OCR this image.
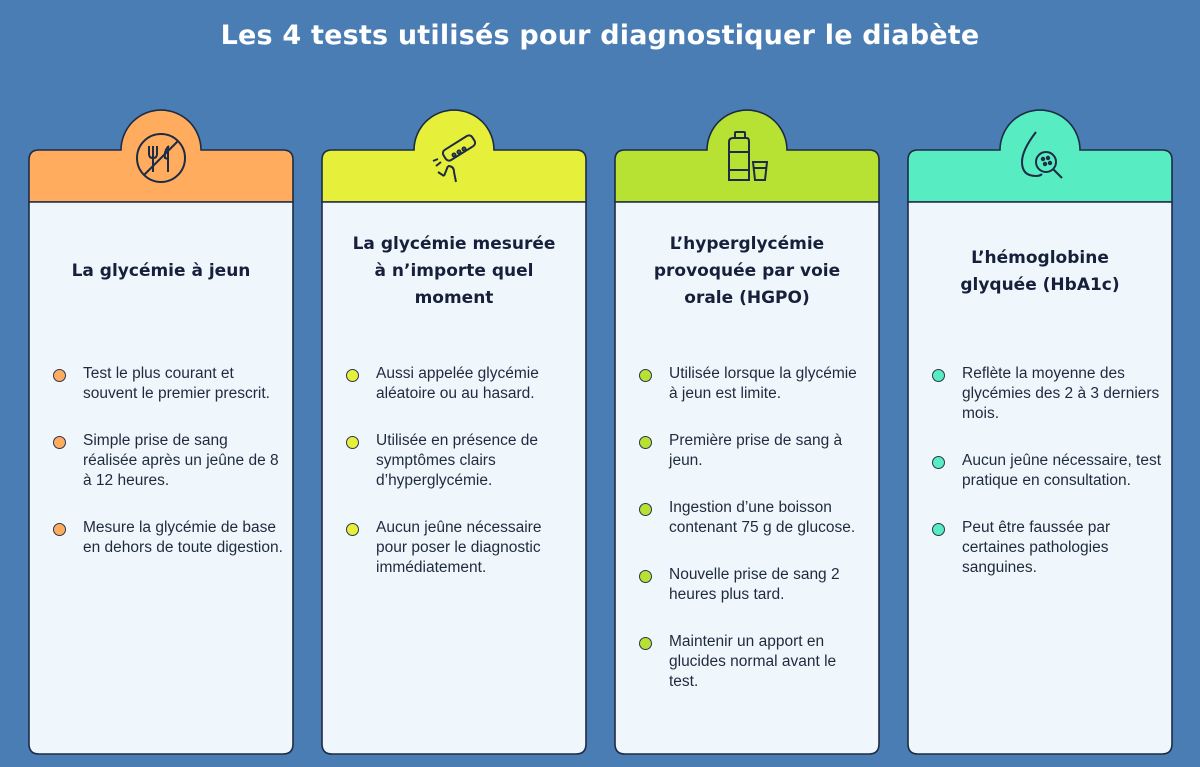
Les 4 tests utilisés pour diagnostiquer le diabète
La glycémie à jeun
Test le plus courant et souvent le premier prescrit.
Simple prise de sang réalisée après un jeûne de 8 à 12 heures.
Mesure la glycémie de base en dehors de toute digestion.
La glycémie mesurée
à n’importe quel
moment
Aussi appelée glycémie aléatoire ou au hasard.
Utilisée en présence de symptômes clairs d’hyperglycémie.
Aucun jeûne nécessaire pour poser le diagnostic immédiatement.
L’hyperglycémie
provoquée par voie
orale (HGPO)
Utilisée lorsque la glycémie à jeun est limite.
Première prise de sang à jeun.
Ingestion d’une boisson contenant 75 g de glucose.
Nouvelle prise de sang 2 heures plus tard.
Maintenir un apport en glucides normal avant le test.
L’hémoglobine
glyquée (HbA1c)
Reflète la moyenne des glycémies des 2 à 3 derniers mois.
Aucun jeûne nécessaire, test pratique en consultation.
Peut être faussée par certaines pathologies sanguines.
